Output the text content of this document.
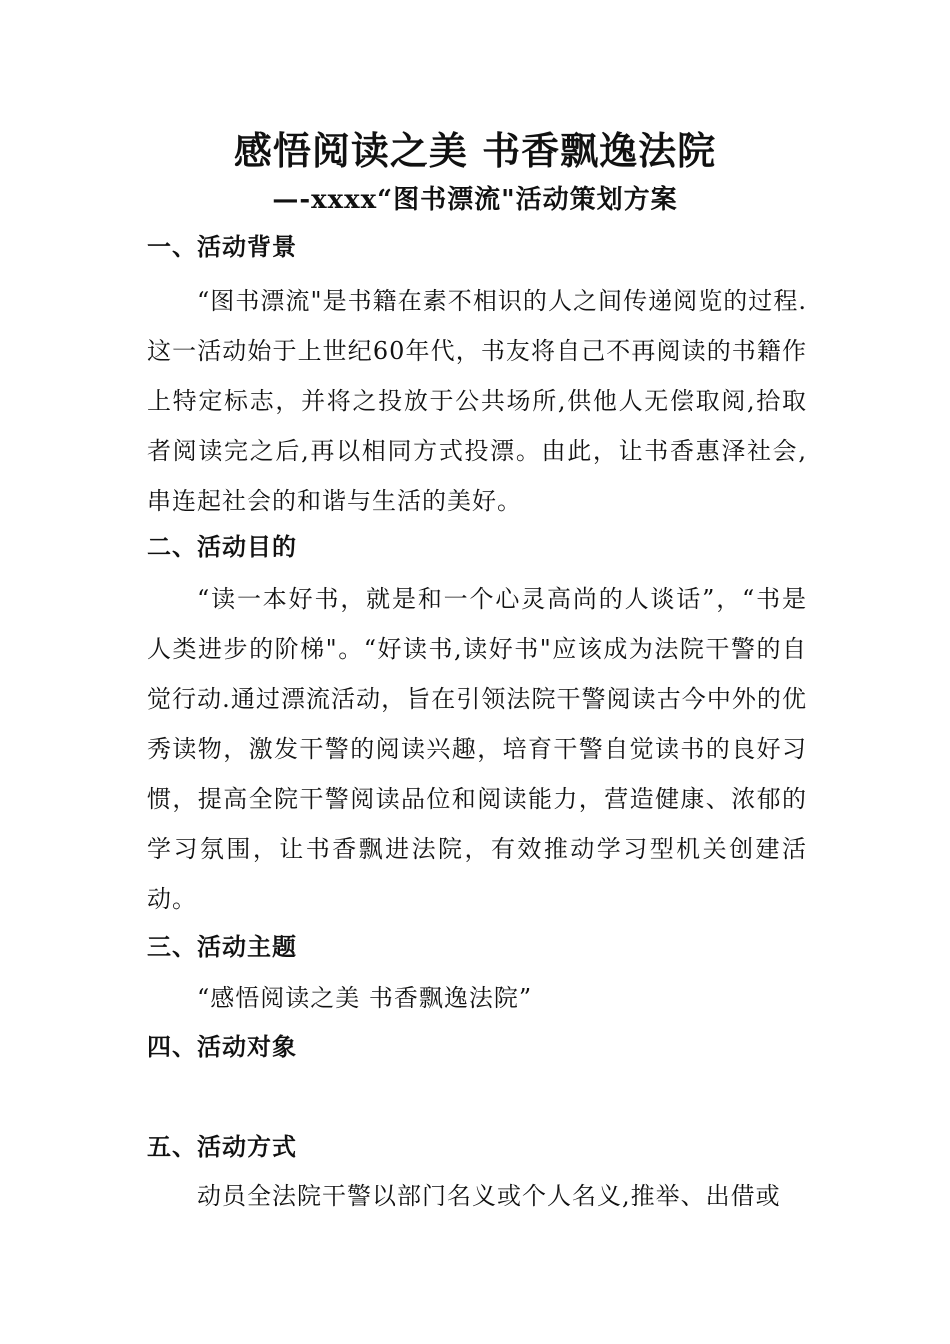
感悟阅读之美 书香飘逸法院
—-xxxx“图书漂流"活动策划方案
一、活动背景
“图书漂流"是书籍在素不相识的人之间传递阅览的过程.这一活动始于上世纪60年代，书友将自己不再阅读的书籍作上特定标志，并将之投放于公共场所,供他人无偿取阅,拾取者阅读完之后,再以相同方式投漂。由此，让书香惠泽社会,串连起社会的和谐与生活的美好。
二、活动目的
“读一本好书，就是和一个心灵高尚的人谈话”，“书是人类进步的阶梯"。“好读书,读好书"应该成为法院干警的自觉行动.通过漂流活动，旨在引领法院干警阅读古今中外的优秀读物，激发干警的阅读兴趣，培育干警自觉读书的良好习惯，提高全院干警阅读品位和阅读能力，营造健康、浓郁的学习氛围，让书香飘进法院，有效推动学习型机关创建活动。
三、活动主题
“感悟阅读之美 书香飘逸法院”
四、活动对象
五、活动方式
动员全法院干警以部门名义或个人名义,推举、出借或
